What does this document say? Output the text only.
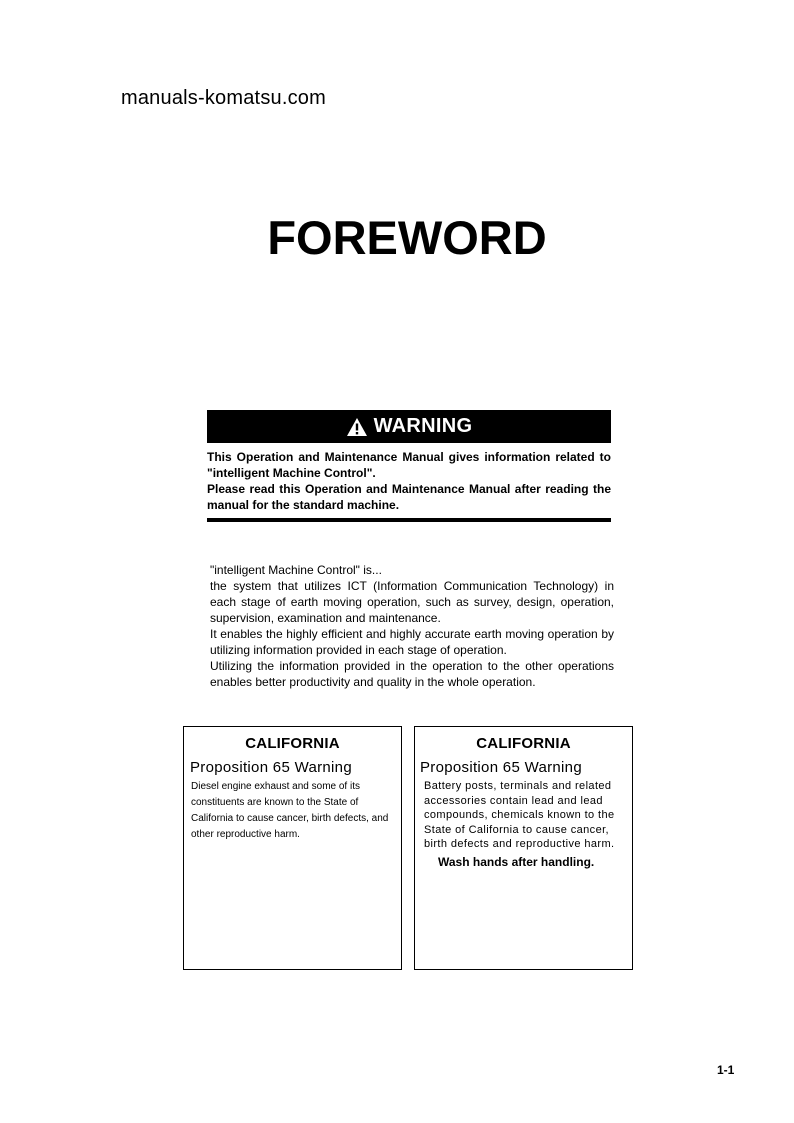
manuals-komatsu.com
FOREWORD
WARNING

This Operation and Maintenance Manual gives information related to "intelligent Machine Control".

Please read this Operation and Maintenance Manual after reading the manual for the standard machine.

"intelligent Machine Control" is...

the system that utilizes ICT (Information Communication Technology) in each stage of earth moving operation, such as survey, design, operation, supervision, examination and maintenance.

It enables the highly efficient and highly accurate earth moving operation by utilizing information provided in each stage of operation.

Utilizing the information provided in the operation to the other operations enables better productivity and quality in the whole operation.

CALIFORNIA
Proposition 65 Warning
Diesel engine exhaust and some of its constituents are known to the State of California to cause cancer, birth defects, and other reproductive harm.
CALIFORNIA
Proposition 65 Warning
Battery posts, terminals and related accessories contain lead and lead compounds, chemicals known to the State of California to cause cancer, birth defects and reproductive harm.
Wash hands after handling.
1-1
